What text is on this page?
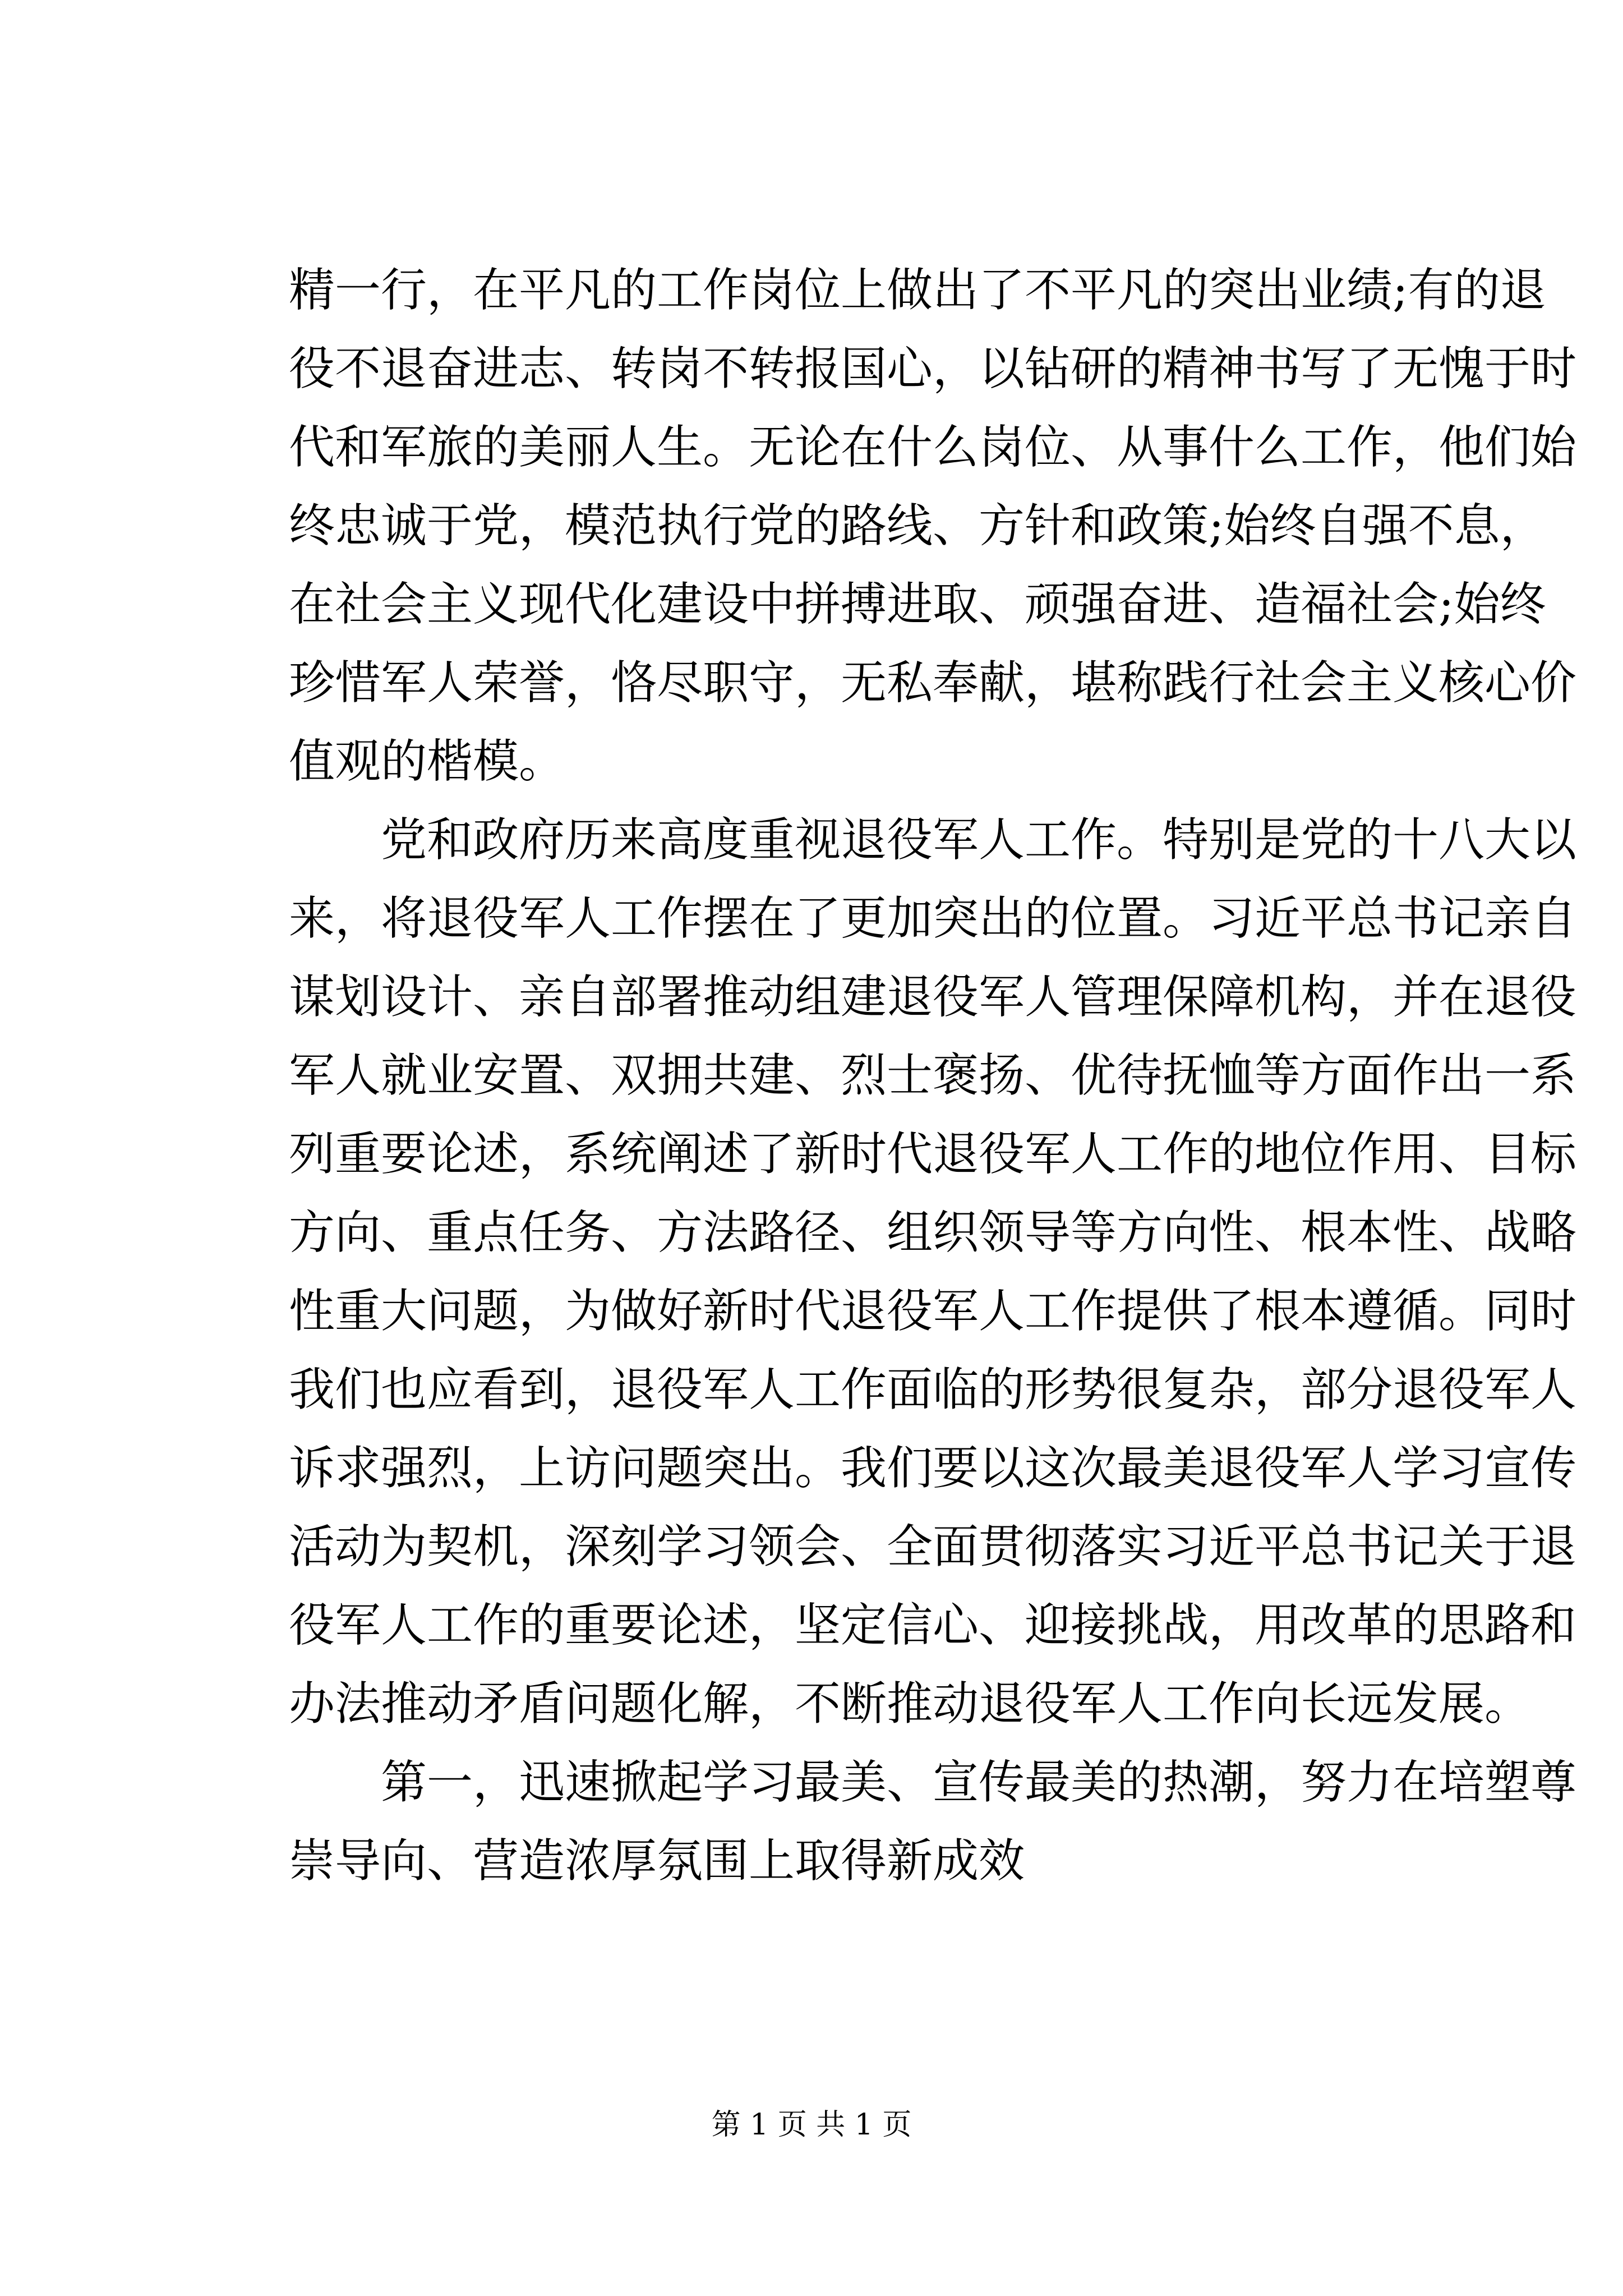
精一行，在平凡的工作岗位上做出了不平凡的突出业绩;有的退
役不退奋进志、转岗不转报国心，以钻研的精神书写了无愧于时
代和军旅的美丽人生。无论在什么岗位、从事什么工作，他们始
终忠诚于党，模范执行党的路线、方针和政策;始终自强不息，
在社会主义现代化建设中拼搏进取、顽强奋进、造福社会;始终
珍惜军人荣誉，恪尽职守，无私奉献，堪称践行社会主义核心价
值观的楷模。
党和政府历来高度重视退役军人工作。特别是党的十八大以
来，将退役军人工作摆在了更加突出的位置。习近平总书记亲自
谋划设计、亲自部署推动组建退役军人管理保障机构，并在退役
军人就业安置、双拥共建、烈士褒扬、优待抚恤等方面作出一系
列重要论述，系统阐述了新时代退役军人工作的地位作用、目标
方向、重点任务、方法路径、组织领导等方向性、根本性、战略
性重大问题，为做好新时代退役军人工作提供了根本遵循。同时
我们也应看到，退役军人工作面临的形势很复杂，部分退役军人
诉求强烈，上访问题突出。我们要以这次最美退役军人学习宣传
活动为契机，深刻学习领会、全面贯彻落实习近平总书记关于退
役军人工作的重要论述，坚定信心、迎接挑战，用改革的思路和
办法推动矛盾问题化解，不断推动退役军人工作向长远发展。
第一，迅速掀起学习最美、宣传最美的热潮，努力在培塑尊
崇导向、营造浓厚氛围上取得新成效
第 1 页 共 1 页
